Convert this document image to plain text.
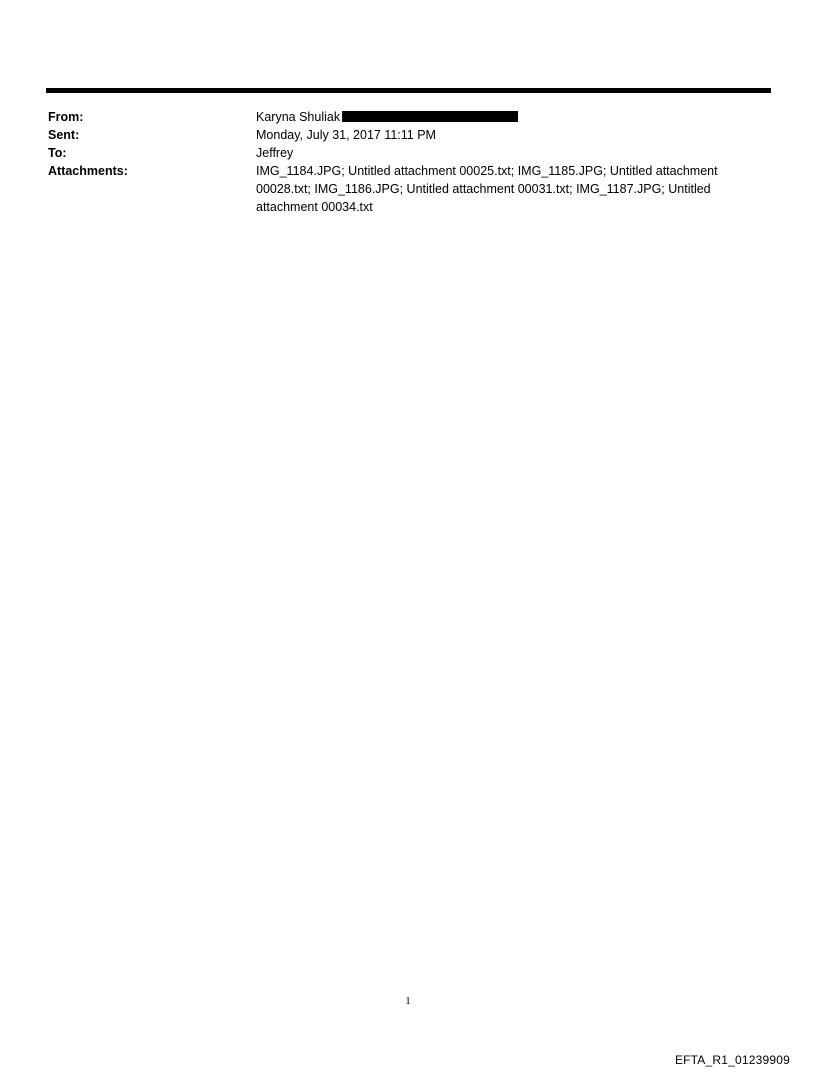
From:	Karyna Shuliak
Sent:	Monday, July 31, 2017 11:11 PM
To:	Jeffrey
Attachments:	IMG_1184.JPG; Untitled attachment 00025.txt; IMG_1185.JPG; Untitled attachment 00028.txt; IMG_1186.JPG; Untitled attachment 00031.txt; IMG_1187.JPG; Untitled attachment 00034.txt
1
EFTA_R1_01239909
